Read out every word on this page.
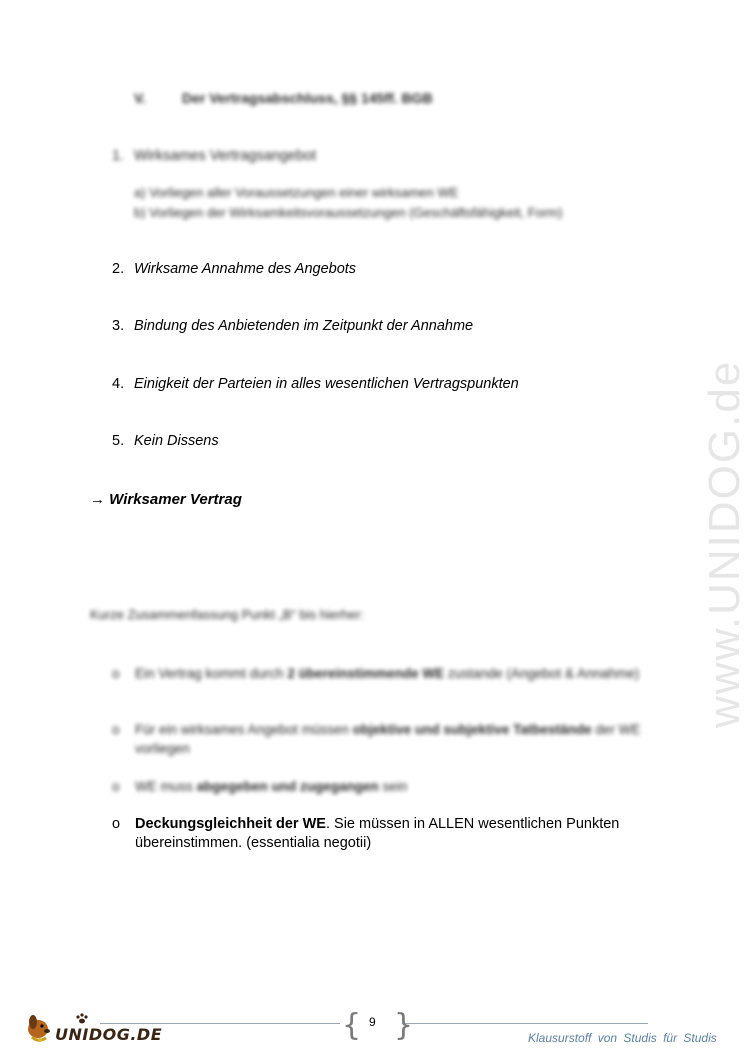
www.UNIDOG.de
V.	Der Vertragsabschluss, §§ 145ff. BGB
1. Wirksames Vertragsangebot
a) Vorliegen aller Voraussetzungen einer wirksamen WE
b) Vorliegen der Wirksamkeitsvoraussetzungen (Geschäftsfähigkeit, Form)
2. Wirksame Annahme des Angebots
3. Bindung des Anbietenden im Zeitpunkt der Annahme
4. Einigkeit der Parteien in alles wesentlichen Vertragspunkten
5. Kein Dissens
→ Wirksamer Vertrag
Kurze Zusammenfassung Punkt „B“ bis hierher:
o Ein Vertrag kommt durch 2 übereinstimmende WE zustande (Angebot & Annahme)
o Für ein wirksames Angebot müssen objektive und subjektive Tatbestände der WE vorliegen
o WE muss abgegeben und zugegangen sein
o Deckungsgleichheit der WE. Sie müssen in ALLEN wesentlichen Punkten übereinstimmen. (essentialia negotii)
UNIDOG.DE	{ 9 }	Klausurstoff von Studis für Studis
